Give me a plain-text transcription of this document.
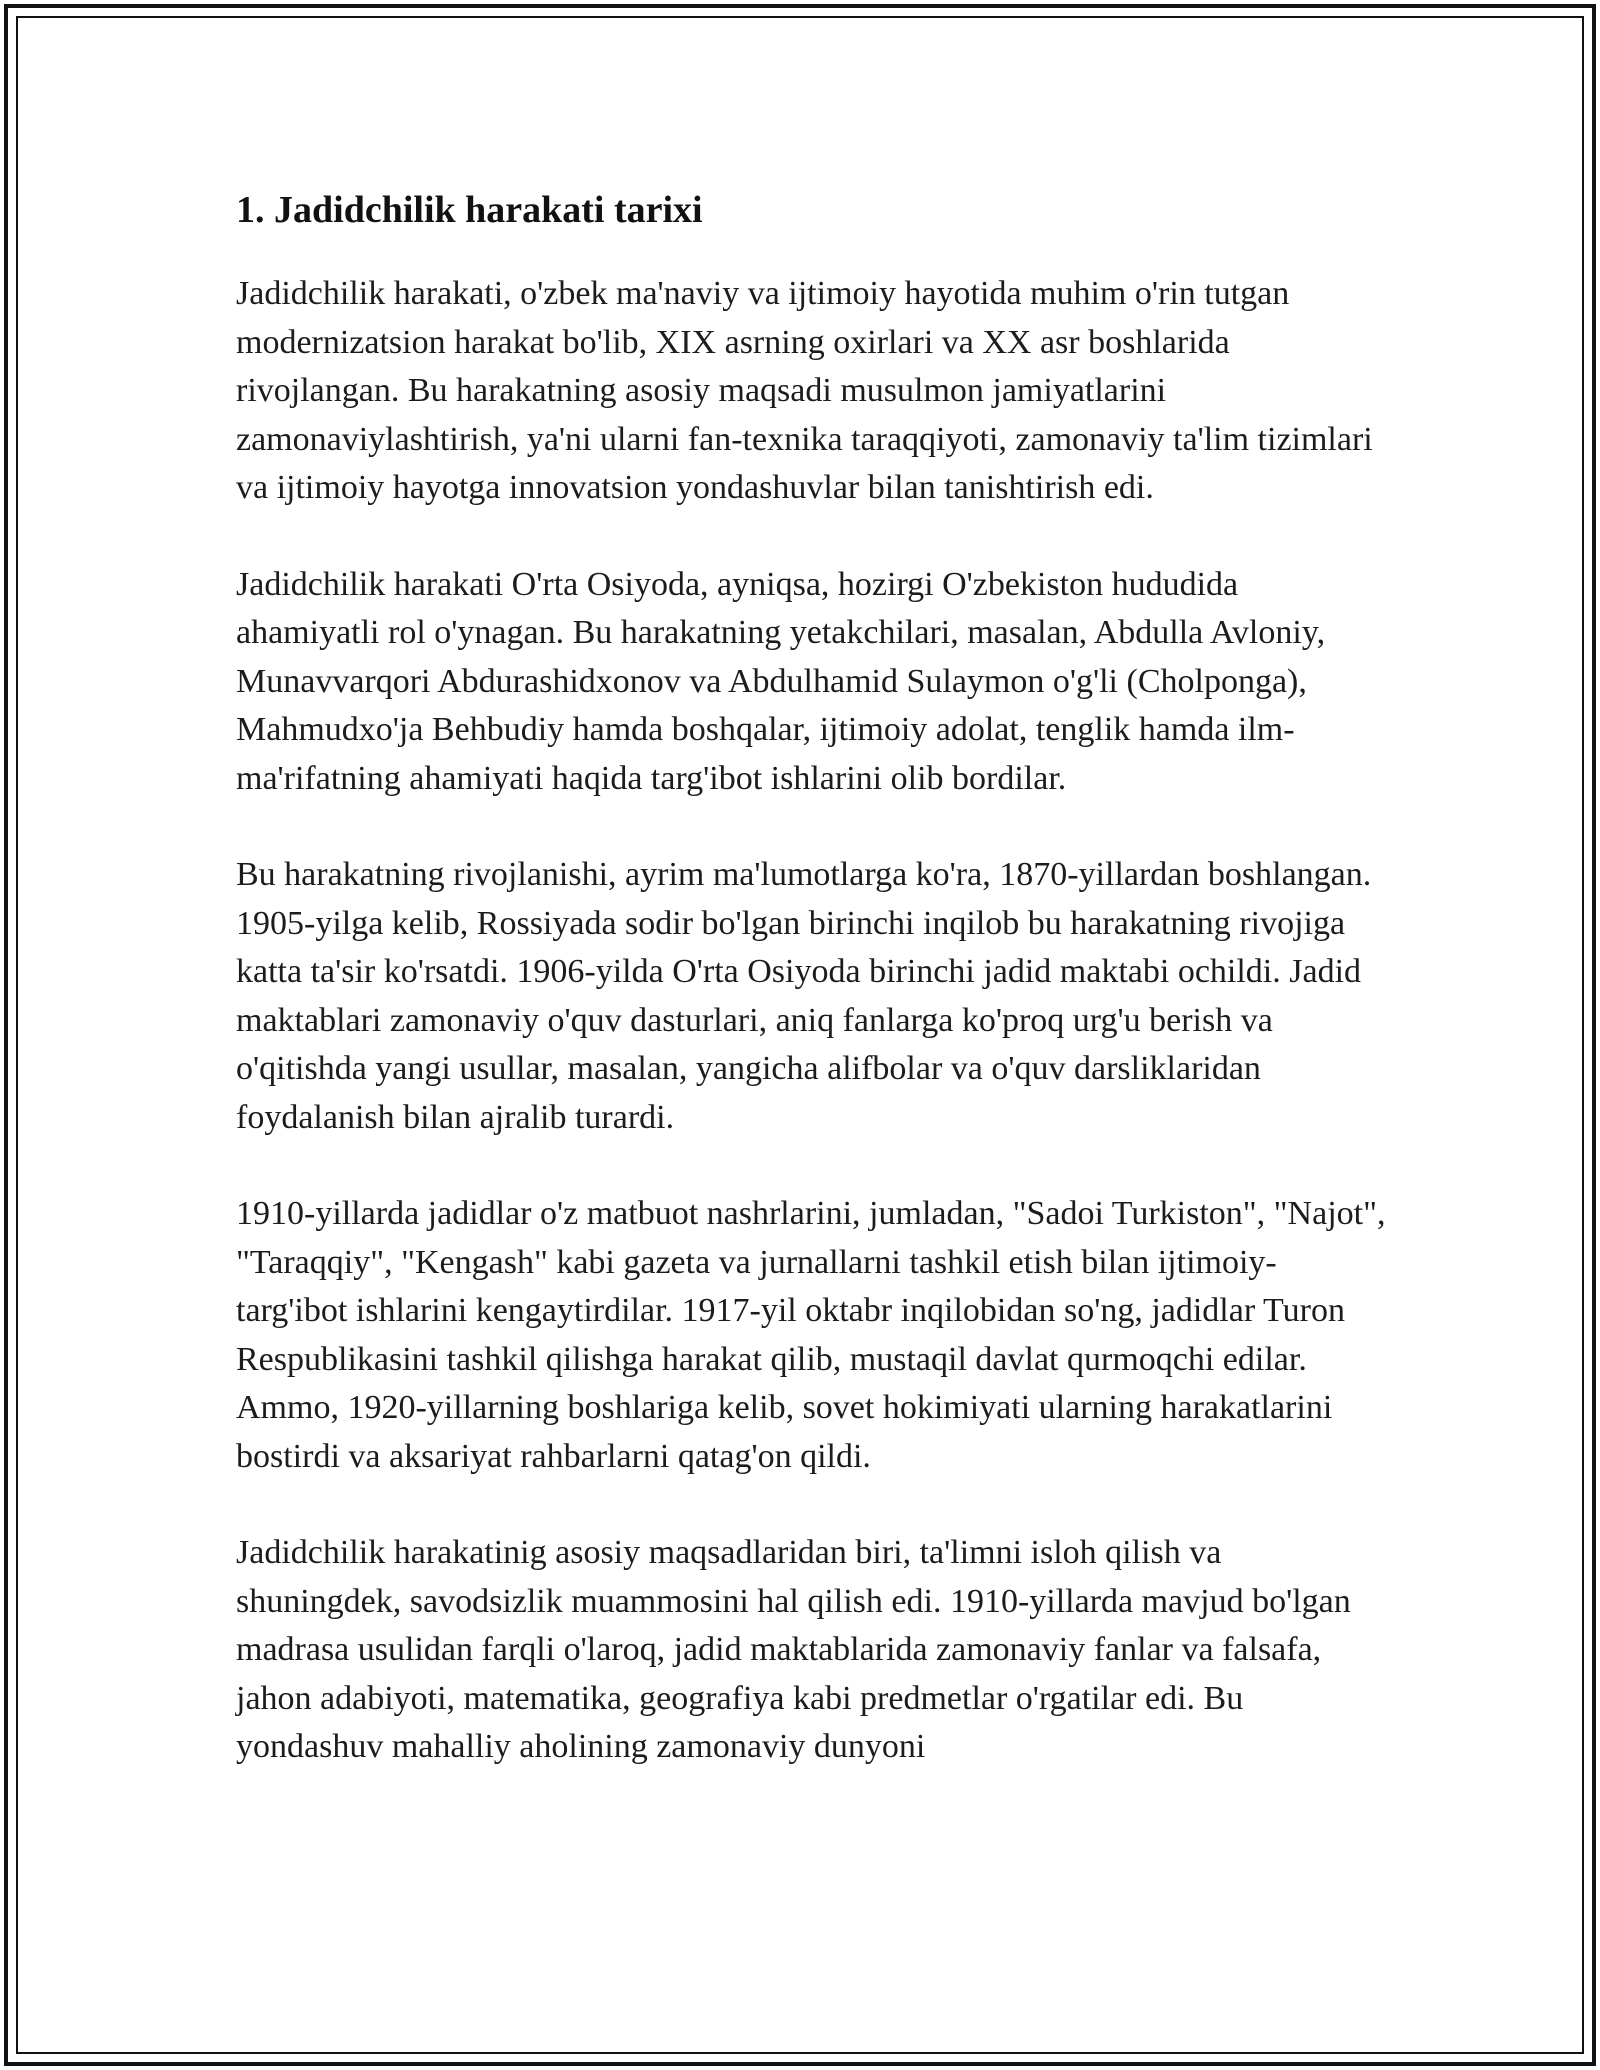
1. Jadidchilik harakati tarixi

Jadidchilik harakati, o'zbek ma'naviy va ijtimoiy hayotida muhim o'rin tutgan modernizatsion harakat bo'lib, XIX asrning oxirlari va XX asr boshlarida rivojlangan. Bu harakatning asosiy maqsadi musulmon jamiyatlarini zamonaviylashtirish, ya'ni ularni fan-texnika taraqqiyoti, zamonaviy ta'lim tizimlari va ijtimoiy hayotga innovatsion yondashuvlar bilan tanishtirish edi.

Jadidchilik harakati O'rta Osiyoda, ayniqsa, hozirgi O'zbekiston hududida ahamiyatli rol o'ynagan. Bu harakatning yetakchilari, masalan, Abdulla Avloniy, Munavvarqori Abdurashidxonov va Abdulhamid Sulaymon o'g'li (Cholponga), Mahmudxo'ja Behbudiy hamda boshqalar, ijtimoiy adolat, tenglik hamda ilm-ma'rifatning ahamiyati haqida targ'ibot ishlarini olib bordilar.

Bu harakatning rivojlanishi, ayrim ma'lumotlarga ko'ra, 1870-yillardan boshlangan. 1905-yilga kelib, Rossiyada sodir bo'lgan birinchi inqilob bu harakatning rivojiga katta ta'sir ko'rsatdi. 1906-yilda O'rta Osiyoda birinchi jadid maktabi ochildi. Jadid maktablari zamonaviy o'quv dasturlari, aniq fanlarga ko'proq urg'u berish va o'qitishda yangi usullar, masalan, yangicha alifbolar va o'quv darsliklaridan foydalanish bilan ajralib turardi.

1910-yillarda jadidlar o'z matbuot nashrlarini, jumladan, "Sadoi Turkiston", "Najot", "Taraqqiy", "Kengash" kabi gazeta va jurnallarni tashkil etish bilan ijtimoiy-targ'ibot ishlarini kengaytirdilar. 1917-yil oktabr inqilobidan so'ng, jadidlar Turon Respublikasini tashkil qilishga harakat qilib, mustaqil davlat qurmoqchi edilar. Ammo, 1920-yillarning boshlariga kelib, sovet hokimiyati ularning harakatlarini bostirdi va aksariyat rahbarlarni qatag'on qildi.

Jadidchilik harakatinig asosiy maqsadlaridan biri, ta'limni isloh qilish va shuningdek, savodsizlik muammosini hal qilish edi. 1910-yillarda mavjud bo'lgan madrasa usulidan farqli o'laroq, jadid maktablarida zamonaviy fanlar va falsafa, jahon adabiyoti, matematika, geografiya kabi predmetlar o'rgatilar edi. Bu yondashuv mahalliy aholining zamonaviy dunyoni
